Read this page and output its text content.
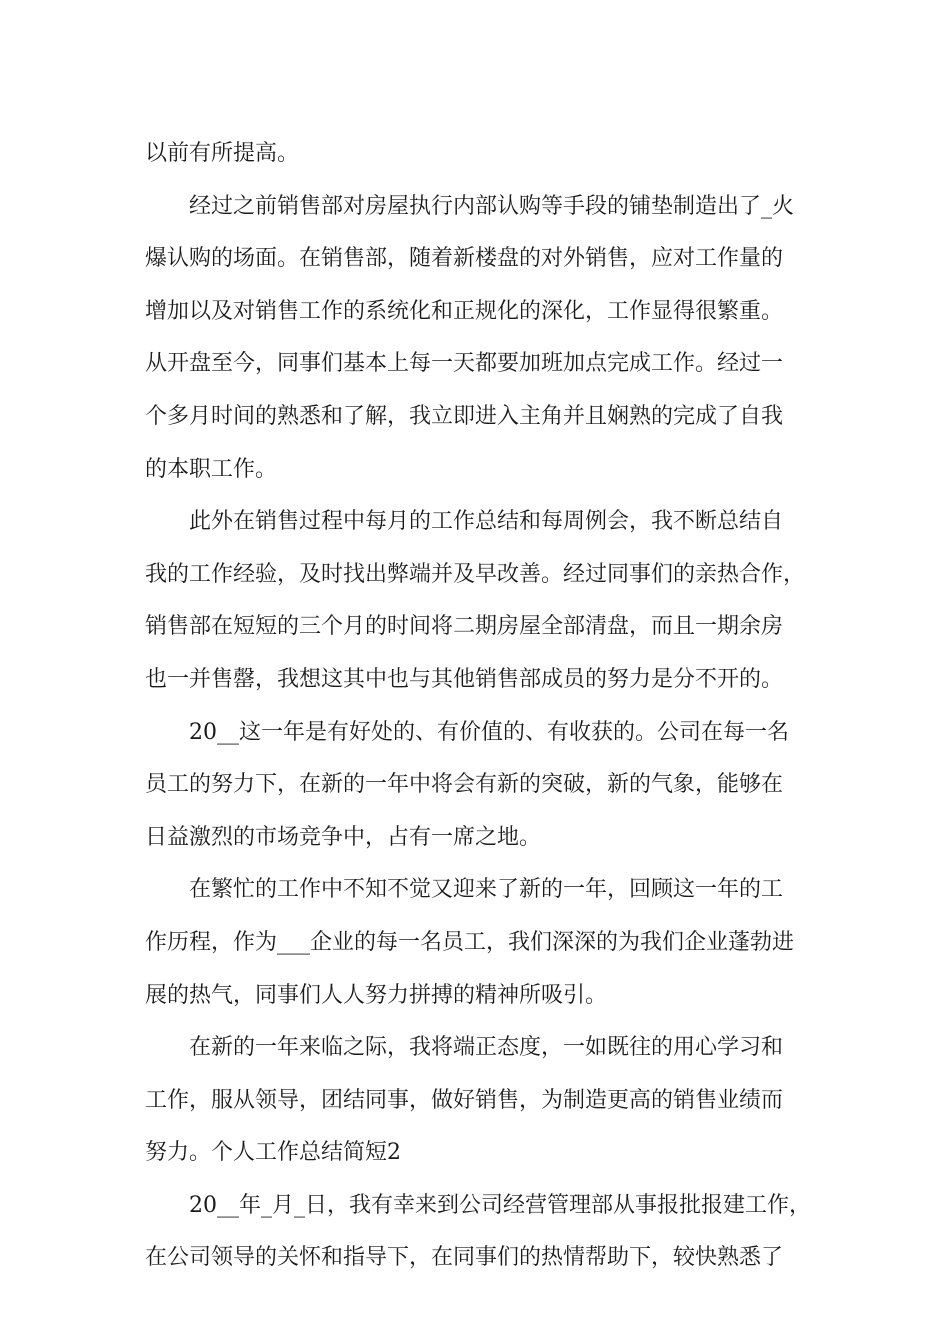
以前有所提高。
经过之前销售部对房屋执行内部认购等手段的铺垫制造出了_火
爆认购的场面。在销售部，随着新楼盘的对外销售，应对工作量的
增加以及对销售工作的系统化和正规化的深化，工作显得很繁重。
从开盘至今，同事们基本上每一天都要加班加点完成工作。经过一
个多月时间的熟悉和了解，我立即进入主角并且娴熟的完成了自我
的本职工作。
此外在销售过程中每月的工作总结和每周例会，我不断总结自
我的工作经验，及时找出弊端并及早改善。经过同事们的亲热合作，
销售部在短短的三个月的时间将二期房屋全部清盘，而且一期余房
也一并售罄，我想这其中也与其他销售部成员的努力是分不开的。
20__这一年是有好处的、有价值的、有收获的。公司在每一名
员工的努力下，在新的一年中将会有新的突破，新的气象，能够在
日益激烈的市场竞争中，占有一席之地。
在繁忙的工作中不知不觉又迎来了新的一年，回顾这一年的工
作历程，作为___企业的每一名员工，我们深深的为我们企业蓬勃进
展的热气，同事们人人努力拼搏的精神所吸引。
在新的一年来临之际，我将端正态度，一如既往的用心学习和
工作，服从领导，团结同事，做好销售，为制造更高的销售业绩而
努力。个人工作总结简短2
20__年_月_日，我有幸来到公司经营管理部从事报批报建工作，
在公司领导的关怀和指导下，在同事们的热情帮助下，较快熟悉了
